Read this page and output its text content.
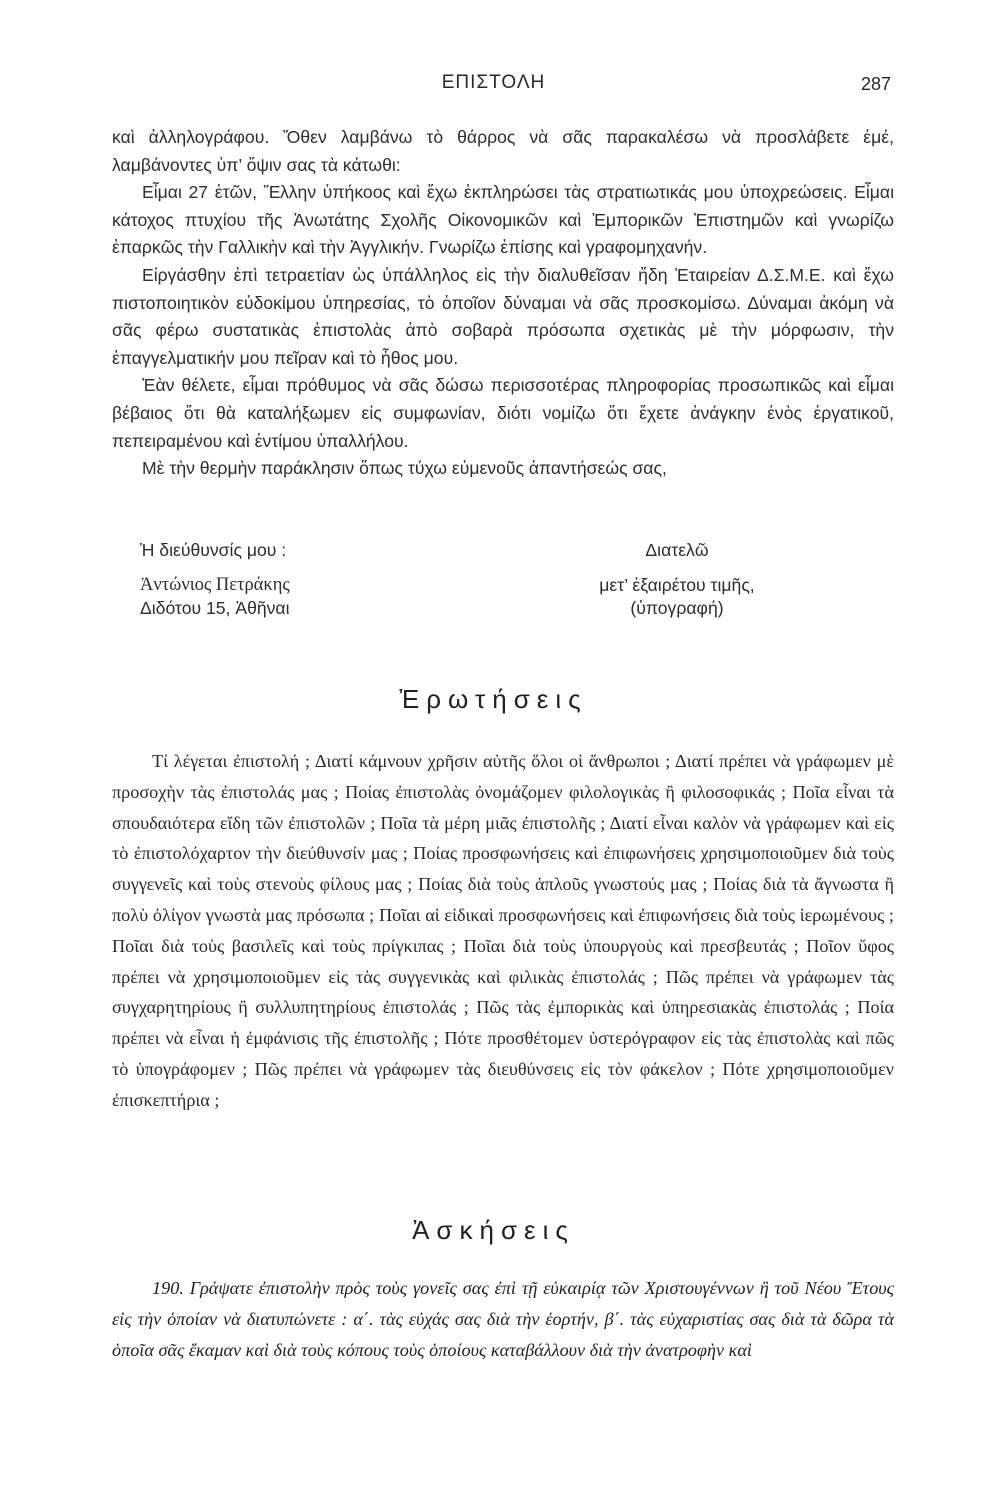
ΕΠΙΣΤΟΛΗ	287

καὶ ἀλληλογράφου. Ὅθεν λαμβάνω τὸ θάρρος νὰ σᾶς παρακαλέσω νὰ προσλάβετε ἐμέ, λαμβάνοντες ὑπ’ ὄψιν σας τὰ κάτωθι:

Εἶμαι 27 ἐτῶν, Ἕλλην ὑπήκοος καὶ ἔχω ἐκπληρώσει τὰς στρατιωτικάς μου ὑποχρεώσεις. Εἶμαι κάτοχος πτυχίου τῆς Ἀνωτάτης Σχολῆς Οἰκονομικῶν καὶ Ἐμπορικῶν Ἐπιστημῶν καὶ γνωρίζω ἐπαρκῶς τὴν Γαλλικὴν καὶ τὴν Ἀγγλικήν. Γνωρίζω ἐπίσης καὶ γραφομηχανήν.

Εἰργάσθην ἐπὶ τετραετίαν ὡς ὑπάλληλος εἰς τὴν διαλυθεῖσαν ἤδη Ἑταιρείαν Δ.Σ.Μ.Ε. καὶ ἔχω πιστοποιητικὸν εὐδοκίμου ὑπηρεσίας, τὸ ὁποῖον δύναμαι νὰ σᾶς προσκομίσω. Δύναμαι ἀκόμη νὰ σᾶς φέρω συστατικὰς ἐπιστολὰς ἀπὸ σοβαρὰ πρόσωπα σχετικὰς μὲ τὴν μόρφωσιν, τὴν ἐπαγγελματικήν μου πεῖραν καὶ τὸ ἦθος μου.

Ἐὰν θέλετε, εἶμαι πρόθυμος νὰ σᾶς δώσω περισσοτέρας πληροφορίας προσωπικῶς καὶ εἶμαι βέβαιος ὅτι θὰ καταλήξωμεν εἰς συμφωνίαν, διότι νομίζω ὅτι ἔχετε ἀνάγκην ἑνὸς ἐργατικοῦ, πεπειραμένου καὶ ἐντίμου ὑπαλλήλου.

Μὲ τὴν θερμὴν παράκλησιν ὅπως τύχω εὐμενοῦς ἀπαντήσεώς σας,

Ἡ διεύθυνσίς μου :	Διατελῶ
Ἀντώνιος Πετράκης	μετ’ ἐξαιρέτου τιμῆς,
Διδότου 15, Ἀθῆναι	(ὑπογραφή)
Ἐρωτήσεις

Τί λέγεται ἐπιστολή ; Διατί κάμνουν χρῆσιν αὐτῆς ὅλοι οἱ ἄνθρωποι ; Διατί πρέπει νὰ γράφωμεν μὲ προσοχὴν τὰς ἐπιστολάς μας ; Ποίας ἐπιστολὰς ὀνομάζομεν φιλολογικὰς ἢ φιλοσοφικάς ; Ποῖα εἶναι τὰ σπουδαιότερα εἴδη τῶν ἐπιστολῶν ; Ποῖα τὰ μέρη μιᾶς ἐπιστολῆς ; Διατί εἶναι καλὸν νὰ γράφωμεν καὶ εἰς τὸ ἐπιστολόχαρτον τὴν διεύθυνσίν μας ; Ποίας προσφωνήσεις καὶ ἐπιφωνήσεις χρησιμοποιοῦμεν διὰ τοὺς συγγενεῖς καὶ τοὺς στενοὺς φίλους μας ; Ποίας διὰ τοὺς ἁπλοῦς γνωστούς μας ; Ποίας διὰ τὰ ἄγνωστα ἢ πολὺ ὀλίγον γνωστὰ μας πρόσωπα ; Ποῖαι αἱ εἰδικαὶ προσφωνήσεις καὶ ἐπιφωνήσεις διὰ τοὺς ἱερωμένους ; Ποῖαι διὰ τοὺς βασιλεῖς καὶ τοὺς πρίγκιπας ; Ποῖαι διὰ τοὺς ὑπουργοὺς καὶ πρεσβευτάς ; Ποῖον ὕφος πρέπει νὰ χρησιμοποιοῦμεν εἰς τὰς συγγενικὰς καὶ φιλικὰς ἐπιστολάς ; Πῶς πρέπει νὰ γράφωμεν τὰς συγχαρητηρίους ἢ συλλυπητηρίους ἐπιστολάς ; Πῶς τὰς ἐμπορικὰς καὶ ὑπηρεσιακὰς ἐπιστολάς ; Ποία πρέπει νὰ εἶναι ἡ ἐμφάνισις τῆς ἐπιστολῆς ; Πότε προσθέτομεν ὑστερόγραφον εἰς τὰς ἐπιστολὰς καὶ πῶς τὸ ὑπογράφομεν ; Πῶς πρέπει νὰ γράφωμεν τὰς διευθύνσεις εἰς τὸν φάκελον ; Πότε χρησιμοποιοῦμεν ἐπισκεπτήρια ;

Ἀσκήσεις

190. Γράψατε ἐπιστολὴν πρὸς τοὺς γονεῖς σας ἐπὶ τῇ εὐκαιρίᾳ τῶν Χριστουγέννων ἢ τοῦ Νέου Ἔτους εἰς τὴν ὁποίαν νὰ διατυπώνετε : α΄. τὰς εὐχάς σας διὰ τὴν ἑορτήν, β΄. τὰς εὐχαριστίας σας διὰ τὰ δῶρα τὰ ὁποῖα σᾶς ἔκαμαν καὶ διὰ τοὺς κόπους τοὺς ὁποίους καταβάλλουν διὰ τὴν ἀνατροφὴν καὶ
